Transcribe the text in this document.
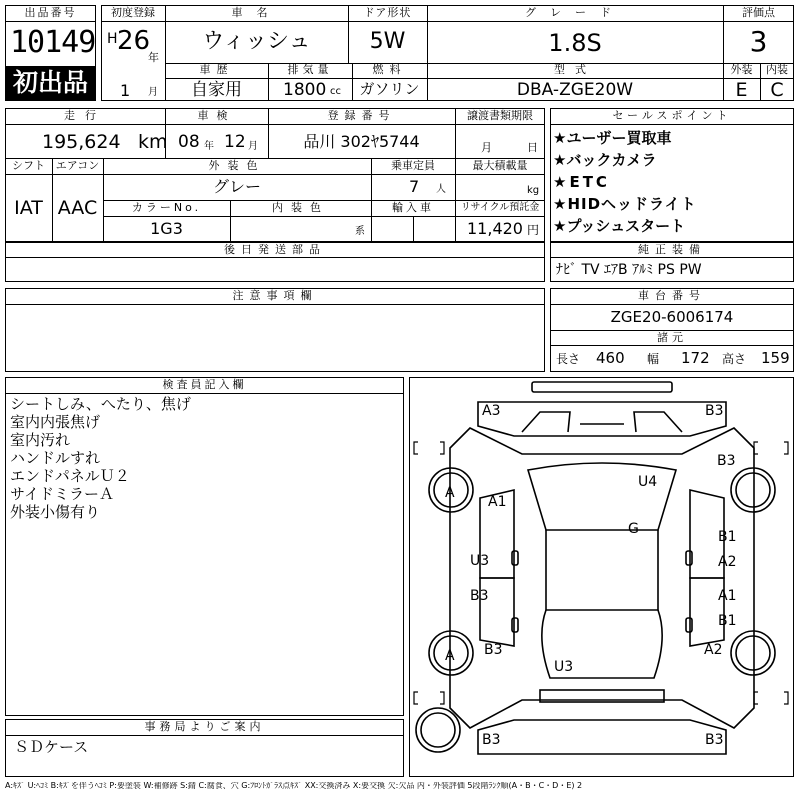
出品番号
10149
初出品
初度登録
H 26
年
1 月
車名
ウィッシュ
ドア形状
5W
グレード
1.8S
評価点
3
車歴
自家用
排気量
1800 cc
燃料
ガソリン
型式
DBA-ZGE20W
外装	内装
E	C
走行
195,624 km
車検
08 年 12 月
登録番号
品川 302ﾔ5744
譲渡書類期限
月	日
シフト エアコン
IAT AAC
外装色
グレー
乗車定員
7 人
最大積載量
kg
カラーNo.
1G3
内装色
系
輸入車	リサイクル預託金
11,420 円
後日発送部品
セールスポイント
★ユーザー買取車
★バックカメラ
★ETC
★HIDヘッドライト
★プッシュスタート
純正装備
ﾅﾋﾞ TV ｴｱB ｱﾙﾐ PS PW
注意事項欄	車台番号
ZGE20-6006174
諸元
長さ 460 幅 172 高さ 159
検査員記入欄
シートしみ、へたり、焦げ
室内内張焦げ
室内汚れ
ハンドルすれ
エンドパネルＵ２
サイドミラーＡ
外装小傷有り
事務局よりご案内
ＳＤケース
A3	B3
B3
U4
A
A1
G	B1
U3	A2
B3	A1
B1
A B3	A2
U3
B3	B3
A:ｷｽﾞ U:ﾍｺﾐ B:ｷｽﾞを伴うﾍｺﾐ P:要塗装 W:補修跡 S:錆 C:腐食、穴 G:ﾌﾛﾝﾄｶﾞﾗｽ点ｷｽﾞ XX:交換済み X:要交換 欠:欠品 内・外装評価 5段階ﾗﾝｸ順(A・B・C・D・E) 2
